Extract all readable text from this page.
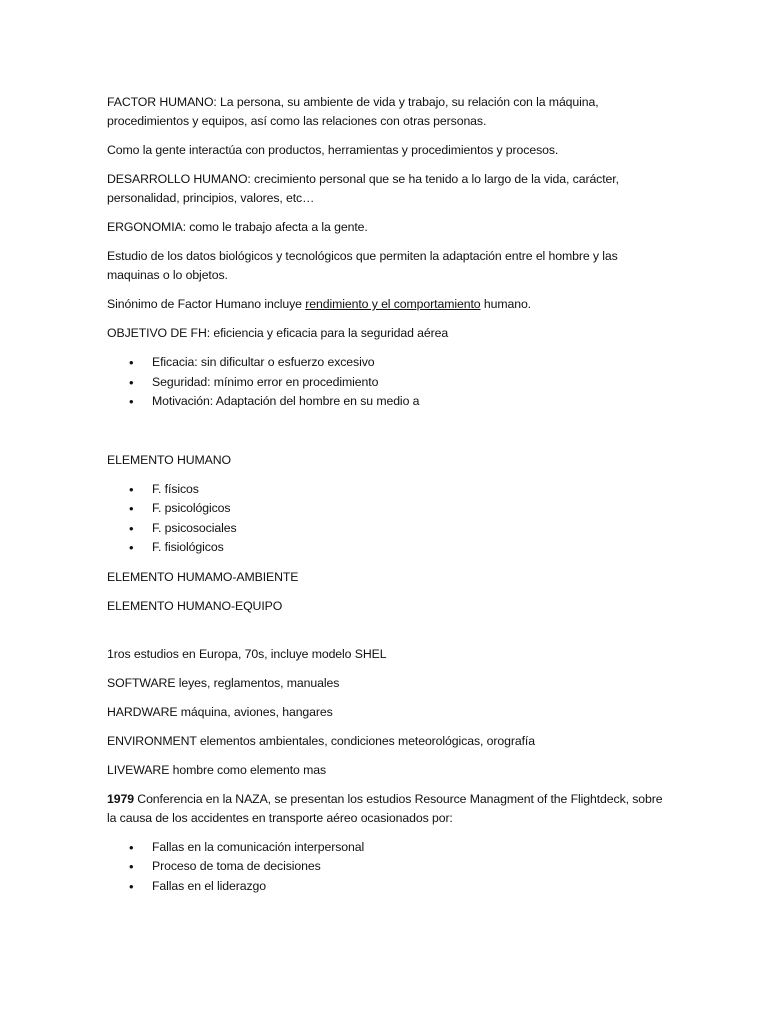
FACTOR HUMANO: La persona, su ambiente de vida y trabajo, su relación con la máquina, procedimientos y equipos, así como las relaciones con otras personas.

Como la gente interactúa con productos, herramientas y procedimientos y procesos.

DESARROLLO HUMANO: crecimiento personal que se ha tenido a lo largo de la vida, carácter, personalidad, principios, valores, etc…

ERGONOMIA: como le trabajo afecta a la gente.

Estudio de los datos biológicos y tecnológicos que permiten la adaptación entre el hombre y las maquinas o lo objetos.

Sinónimo de Factor Humano incluye rendimiento y el comportamiento humano.

OBJETIVO DE FH: eficiencia y eficacia para la seguridad aérea

• Eficacia: sin dificultar o esfuerzo excesivo
• Seguridad: mínimo error en procedimiento
• Motivación: Adaptación del hombre en su medio a

ELEMENTO HUMANO

• F. físicos
• F. psicológicos
• F. psicosociales
• F. fisiológicos

ELEMENTO HUMAMO-AMBIENTE

ELEMENTO HUMANO-EQUIPO

1ros estudios en Europa, 70s, incluye modelo SHEL

SOFTWARE leyes, reglamentos, manuales

HARDWARE máquina, aviones, hangares

ENVIRONMENT elementos ambientales, condiciones meteorológicas, orografía

LIVEWARE hombre como elemento mas

1979 Conferencia en la NAZA, se presentan los estudios Resource Managment of the Flightdeck, sobre la causa de los accidentes en transporte aéreo ocasionados por:

• Fallas en la comunicación interpersonal
• Proceso de toma de decisiones
• Fallas en el liderazgo
